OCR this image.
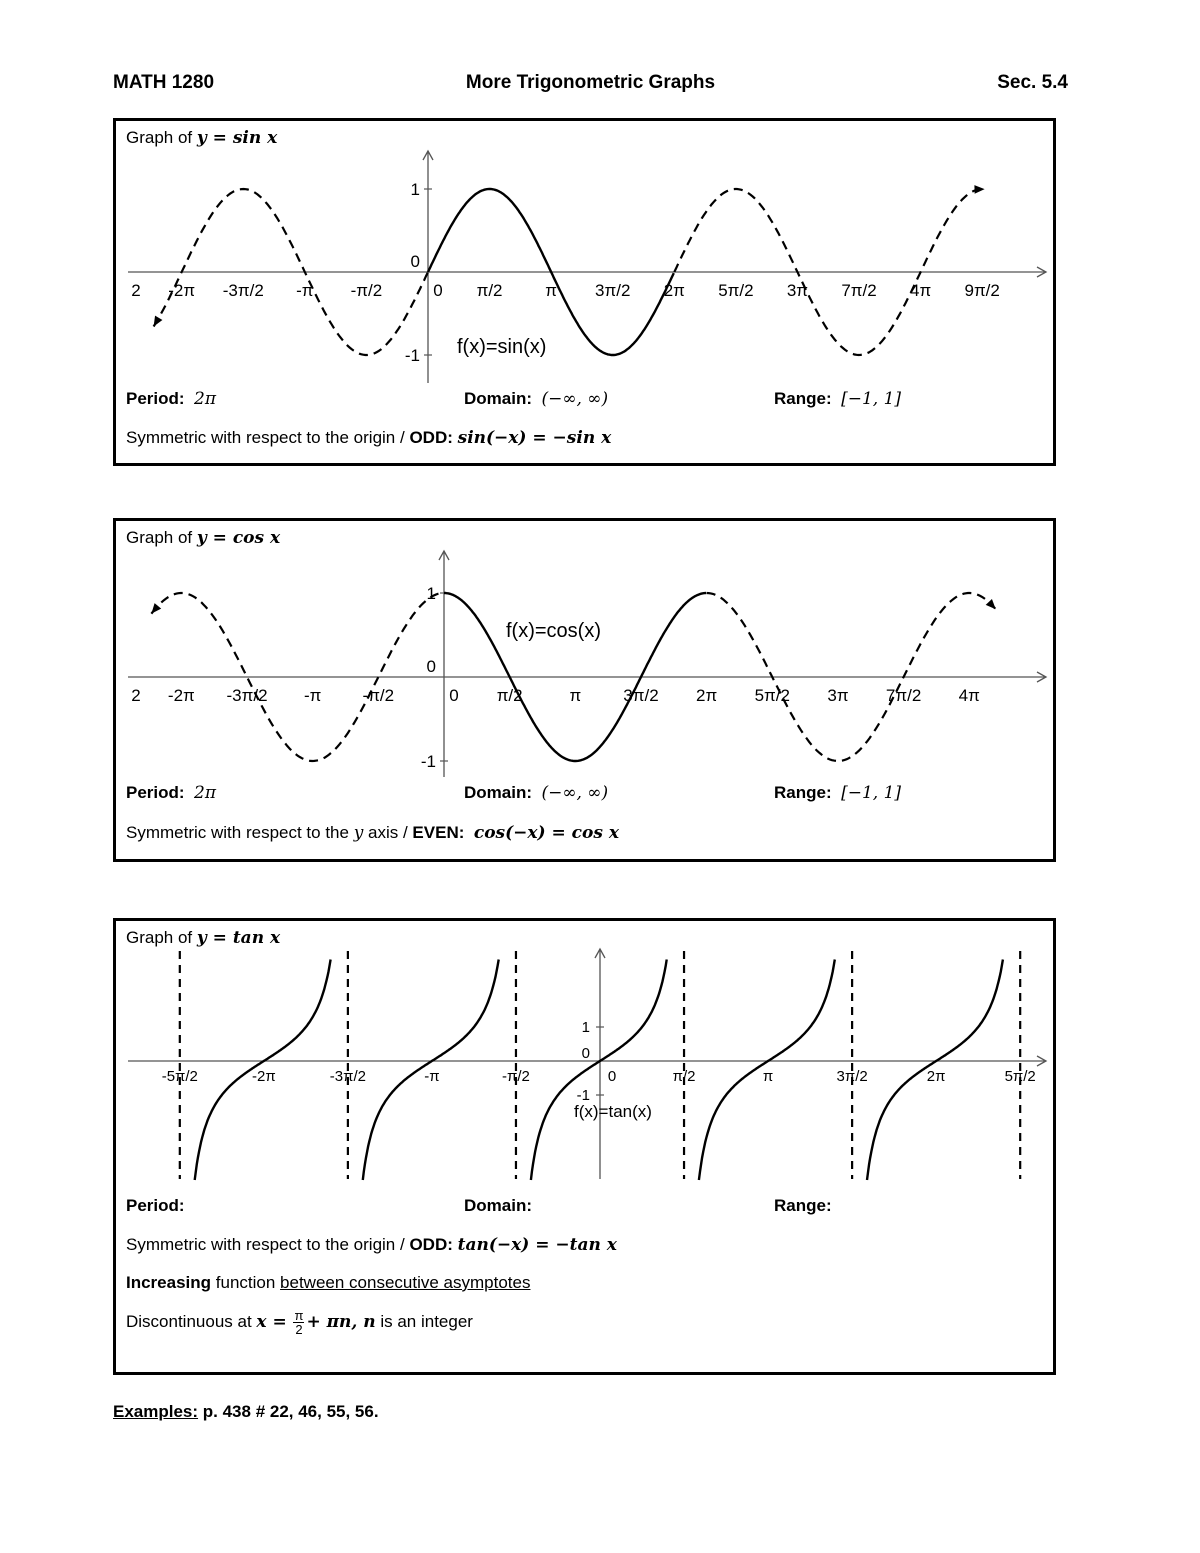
MATH 1280	More Trigonometric Graphs	Sec. 5.4
2 -2π -3π/2 -π -π/2	0 π/2	π 3π/2 2π 5π/2 3π 7π/2 4π 9π/2
1
0
-1 f(x)=sin(x)
Graph of y = sin x
Period: 2π	Domain: (−∞, ∞)	Range: [−1, 1]
Symmetric with respect to the origin / ODD: sin(−x) = −sin x
2 -2π -3π/2 -π -π/2	0 π/2	π 3π/2 2π 5π/2 3π 7π/2 4π
1
0
-1
f(x)=cos(x)
Graph of y = cos x
Period: 2π	Domain: (−∞, ∞)	Range: [−1, 1]
Symmetric with respect to the y axis / EVEN: cos(−x) = cos x
-5π/2	-2π	-3π/2	-π	-π/2	0	π/2	π	3π/2	2π	5π/2
1
0
-1
f(x)=tan(x)
Graph of y = tan x
Period:	Domain:	Range:
Symmetric with respect to the origin / ODD: tan(−x) = −tan x
Increasing function between consecutive asymptotes
Discontinuous at $x = \frac{\pi}{2} + \pi n$, n is an integer
Examples: p. 438 # 22, 46, 55, 56.
